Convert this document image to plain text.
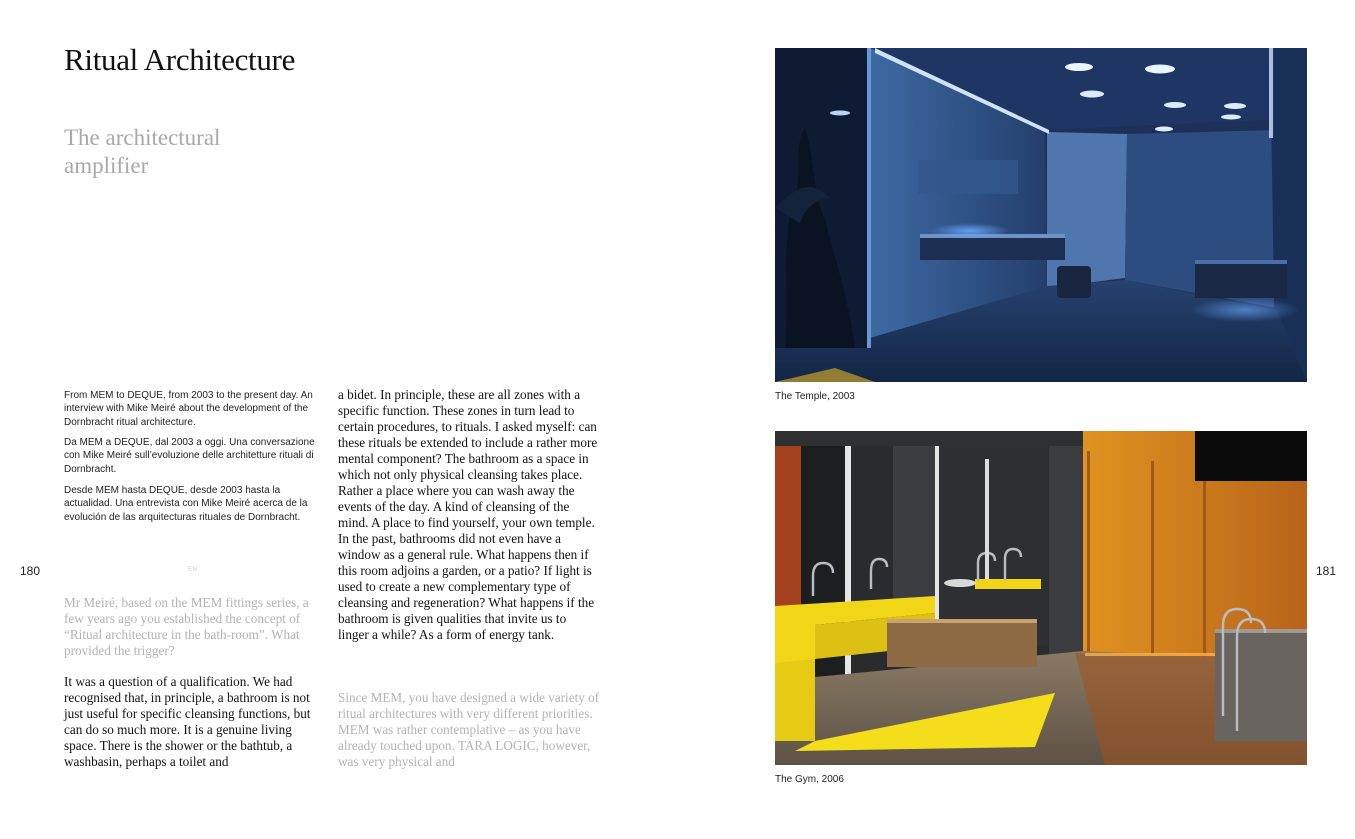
Ritual Architecture
The architectural amplifier
From MEM to DEQUE, from 2003 to the present day. An interview with Mike Meiré about the development of the Dornbracht ritual architecture.
Da MEM a DEQUE, dal 2003 a oggi. Una conversazione con Mike Meiré sull’evoluzione delle architetture rituali di Dornbracht.
Desde MEM hasta DEQUE, desde 2003 hasta la actualidad. Una entrevista con Mike Meiré acerca de la evolución de las arquitecturas rituales de Dornbracht.
180	181
EN
Mr Meiré, based on the MEM fittings series, a few years ago you established the concept of “Ritual architecture in the bath-room”. What provided the trigger?
It was a question of a qualification. We had recognised that, in principle, a bathroom is not just useful for specific cleansing functions, but can do so much more. It is a genuine living space. There is the shower or the bathtub, a washbasin, perhaps a toilet and
a bidet. In principle, these are all zones with a specific function. These zones in turn lead to certain procedures, to rituals. I asked myself: can these rituals be extended to include a rather more mental component? The bathroom as a space in which not only physical cleansing takes place. Rather a place where you can wash away the events of the day. A kind of cleansing of the mind. A place to find yourself, your own temple. In the past, bathrooms did not even have a window as a general rule. What happens then if this room adjoins a garden, or a patio? If light is used to create a new complementary type of cleansing and regeneration? What happens if the bathroom is given qualities that invite us to linger a while? As a form of energy tank.
Since MEM, you have designed a wide variety of ritual architectures with very different priorities. MEM was rather contemplative – as you have already touched upon. TARA LOGIC, however, was very physical and
The Temple, 2003
The Gym, 2006
